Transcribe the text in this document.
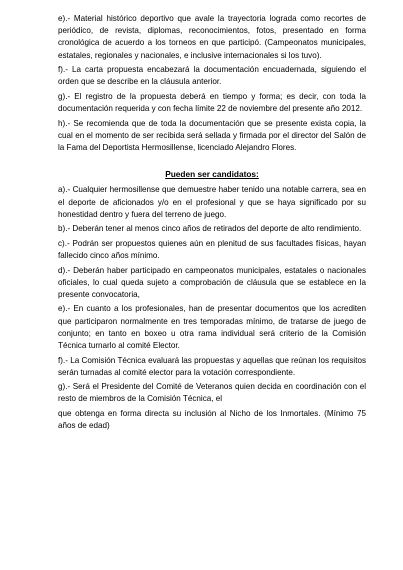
e).- Material histórico deportivo que avale la trayectoria lograda como recortes de periódico, de revista, diplomas, reconocimientos, fotos, presentado en forma cronológica de acuerdo a los torneos en que participó. (Campeonatos municipales, estatales, regionales y nacionales, e inclusive internacionales si los tuvo).

f).- La carta propuesta encabezará la documentación encuadernada, siguiendo el orden que se describe en la cláusula anterior.

g).- El registro de la propuesta deberá en tiempo y forma; es decir, con toda la documentación requerida y con fecha límite 22 de noviembre del presente año 2012.

h).- Se recomienda que de toda la documentación que se presente exista copia, la cual en el momento de ser recibida será sellada y firmada por el director del Salón de la Fama del Deportista Hermosillense, licenciado Alejandro Flores.

Pueden ser candidatos:

a).- Cualquier hermosillense que demuestre haber tenido una notable carrera, sea en el deporte de aficionados y/o en el profesional y que se haya significado por su honestidad dentro y fuera del terreno de juego.

b).- Deberán tener al menos cinco años de retirados del deporte de alto rendimiento.

c).- Podrán ser propuestos quienes aún en plenitud de sus facultades físicas, hayan fallecido cinco años mínimo.

d).- Deberán haber participado en campeonatos municipales, estatales o nacionales oficiales, lo cual queda sujeto a comprobación de cláusula que se establece en la presente convocatoria,

e).- En cuanto a los profesionales, han de presentar documentos que los acrediten que participaron normalmente en tres temporadas mínimo, de tratarse de juego de conjunto; en tanto en boxeo u otra rama individual será criterio de la Comisión Técnica turnarlo al comité Elector.

f).- La Comisión Técnica evaluará las propuestas y aquellas que reúnan los requisitos serán turnadas al comité elector para la votación correspondiente.

g).- Será el Presidente del Comité de Veteranos quien decida en coordinación con el resto de miembros de la Comisión Técnica, el

que obtenga en forma directa su inclusión al Nicho de los Inmortales. (Mínimo 75 años de edad)
